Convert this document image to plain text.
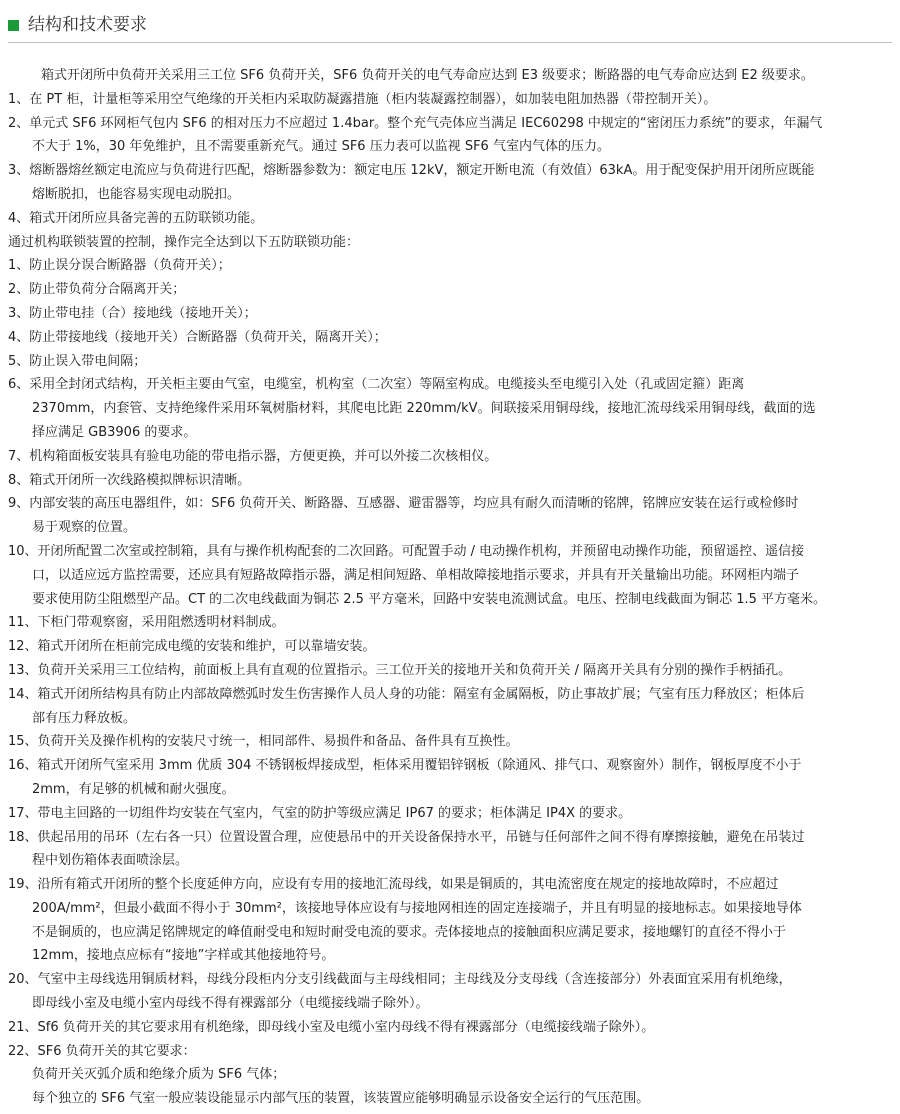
结构和技术要求
箱式开闭所中负荷开关采用三工位 SF6 负荷开关，SF6 负荷开关的电气寿命应达到 E3 级要求；断路器的电气寿命应达到 E2 级要求。
1、在 PT 柜，计量柜等采用空气绝缘的开关柜内采取防凝露措施（柜内装凝露控制器），如加装电阻加热器（带控制开关）。
2、单元式 SF6 环网柜气包内 SF6 的相对压力不应超过 1.4bar。整个充气壳体应当满足 IEC60298 中规定的“密闭压力系统”的要求，年漏气
不大于 1%，30 年免维护，且不需要重新充气。通过 SF6 压力表可以监视 SF6 气室内气体的压力。
3、熔断器熔丝额定电流应与负荷进行匹配，熔断器参数为：额定电压 12kV，额定开断电流（有效值）63kA。用于配变保护用开闭所应既能
熔断脱扣，也能容易实现电动脱扣。
4、箱式开闭所应具备完善的五防联锁功能。
通过机构联锁装置的控制，操作完全达到以下五防联锁功能：
1、防止误分误合断路器（负荷开关）；
2、防止带负荷分合隔离开关；
3、防止带电挂（合）接地线（接地开关）；
4、防止带接地线（接地开关）合断路器（负荷开关，隔离开关）；
5、防止误入带电间隔；
6、采用全封闭式结构，开关柜主要由气室，电缆室，机构室（二次室）等隔室构成。电缆接头至电缆引入处（孔或固定箍）距离
2370mm，内套管、支持绝缘件采用环氧树脂材料，其爬电比距 220mm/kV。间联接采用铜母线，接地汇流母线采用铜母线，截面的选
择应满足 GB3906 的要求。
7、机构箱面板安装具有验电功能的带电指示器，方便更换，并可以外接二次核相仪。
8、箱式开闭所一次线路模拟牌标识清晰。
9、内部安装的高压电器组件，如：SF6 负荷开关、断路器、互感器、避雷器等，均应具有耐久而清晰的铭牌，铭牌应安装在运行或检修时
易于观察的位置。
10、开闭所配置二次室或控制箱，具有与操作机构配套的二次回路。可配置手动 / 电动操作机构，并预留电动操作功能，预留遥控、遥信接
口，以适应远方监控需要，还应具有短路故障指示器，满足相间短路、单相故障接地指示要求，并具有开关量输出功能。环网柜内端子
要求使用防尘阻燃型产品。CT 的二次电线截面为铜芯 2.5 平方毫米，回路中安装电流测试盒。电压、控制电线截面为铜芯 1.5 平方毫米。
11、下柜门带观察窗，采用阻燃透明材料制成。
12、箱式开闭所在柜前完成电缆的安装和维护，可以靠墙安装。
13、负荷开关采用三工位结构，前面板上具有直观的位置指示。三工位开关的接地开关和负荷开关 / 隔离开关具有分别的操作手柄插孔。
14、箱式开闭所结构具有防止内部故障燃弧时发生伤害操作人员人身的功能：隔室有金属隔板，防止事故扩展；气室有压力释放区；柜体后
部有压力释放板。
15、负荷开关及操作机构的安装尺寸统一，相同部件、易损件和备品、备件具有互换性。
16、箱式开闭所气室采用 3mm 优质 304 不锈钢板焊接成型，柜体采用覆铝锌钢板（除通风、排气口、观察窗外）制作，钢板厚度不小于
2mm，有足够的机械和耐火强度。
17、带电主回路的一切组件均安装在气室内，气室的防护等级应满足 IP67 的要求；柜体满足 IP4X 的要求。
18、供起吊用的吊环（左右各一只）位置设置合理，应使悬吊中的开关设备保持水平，吊链与任何部件之间不得有摩擦接触，避免在吊装过
程中划伤箱体表面喷涂层。
19、沿所有箱式开闭所的整个长度延伸方向，应设有专用的接地汇流母线，如果是铜质的，其电流密度在规定的接地故障时，不应超过
200A/mm²，但最小截面不得小于 30mm²，该接地导体应设有与接地网相连的固定连接端子，并且有明显的接地标志。如果接地导体
不是铜质的，也应满足铭牌规定的峰值耐受电和短时耐受电流的要求。壳体接地点的接触面积应满足要求，接地螺钉的直径不得小于
12mm，接地点应标有“接地”字样或其他接地符号。
20、气室中主母线选用铜质材料，母线分段柜内分支引线截面与主母线相同；主母线及分支母线（含连接部分）外表面宜采用有机绝缘，
即母线小室及电缆小室内母线不得有裸露部分（电缆接线端子除外）。
21、Sf6 负荷开关的其它要求用有机绝缘，即母线小室及电缆小室内母线不得有裸露部分（电缆接线端子除外）。
22、SF6 负荷开关的其它要求：
负荷开关灭弧介质和绝缘介质为 SF6 气体；
每个独立的 SF6 气室一般应装设能显示内部气压的装置，该装置应能够明确显示设备安全运行的气压范围。
